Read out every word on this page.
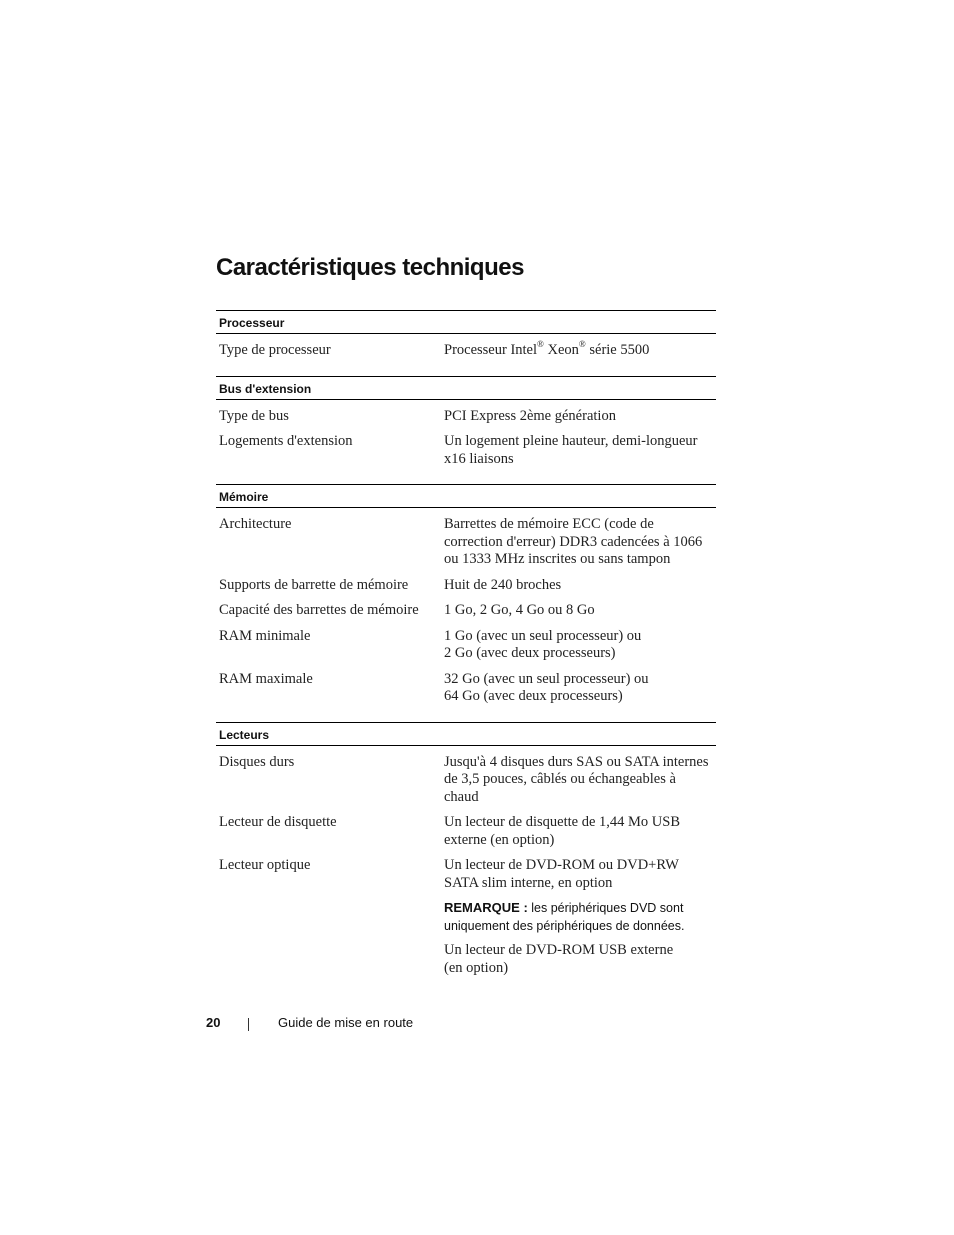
Caractéristiques techniques
Processeur
Type de processeur	Processeur Intel® Xeon® série 5500
Bus d'extension
Type de bus	PCI Express 2ème génération
Logements d'extension	Un logement pleine hauteur, demi-longueur
x16 liaisons
Mémoire
Architecture	Barrettes de mémoire ECC (code de
correction d'erreur) DDR3 cadencées à 1066
ou 1333 MHz inscrites ou sans tampon
Supports de barrette de mémoire	Huit de 240 broches
Capacité des barrettes de mémoire	1 Go, 2 Go, 4 Go ou 8 Go
RAM minimale	1 Go (avec un seul processeur) ou
2 Go (avec deux processeurs)
RAM maximale	32 Go (avec un seul processeur) ou
64 Go (avec deux processeurs)
Lecteurs
Disques durs	Jusqu'à 4 disques durs SAS ou SATA internes
de 3,5 pouces, câblés ou échangeables à
chaud
Lecteur de disquette	Un lecteur de disquette de 1,44 Mo USB
externe (en option)
Lecteur optique	Un lecteur de DVD-ROM ou DVD+RW
SATA slim interne, en option
REMARQUE : les périphériques DVD sont
uniquement des périphériques de données.
Un lecteur de DVD-ROM USB externe
(en option)
20	Guide de mise en route
